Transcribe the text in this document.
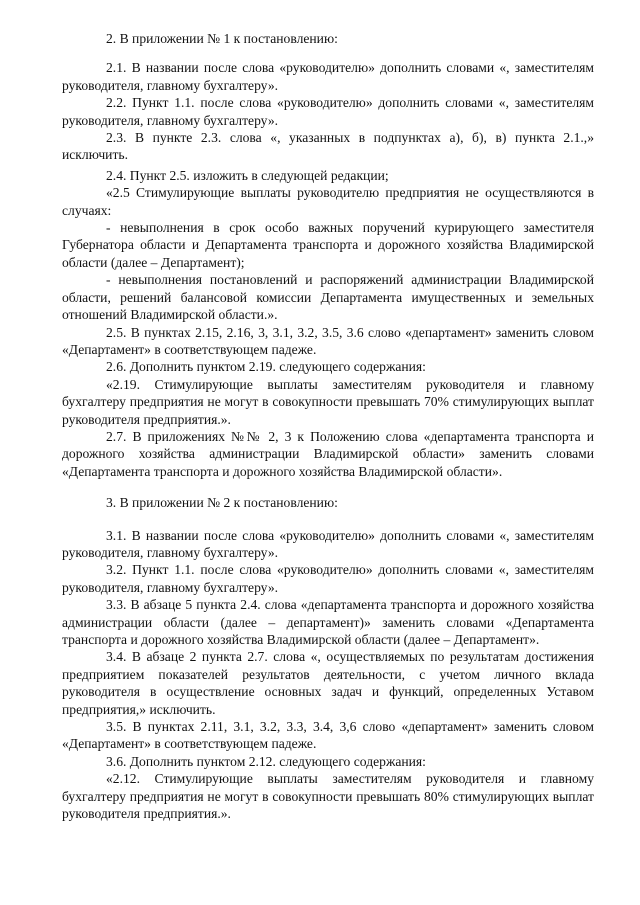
2. В приложении № 1 к постановлению:

2.1. В названии после слова «руководителю» дополнить словами «, заместителям руководителя, главному бухгалтеру».

2.2. Пункт 1.1. после слова «руководителю» дополнить словами «, заместителям руководителя, главному бухгалтеру».

2.3. В пункте 2.3. слова «, указанных в подпунктах а), б), в) пункта 2.1.,» исключить.

2.4. Пункт 2.5. изложить в следующей редакции;

«2.5 Стимулирующие выплаты руководителю предприятия не осуществляются в случаях:

- невыполнения в срок особо важных поручений курирующего заместителя Губернатора области и Департамента транспорта и дорожного хозяйства Владимирской области (далее – Департамент);

- невыполнения постановлений и распоряжений администрации Владимирской области, решений балансовой комиссии Департамента имущественных и земельных отношений Владимирской области.».

2.5. В пунктах 2.15, 2.16, 3, 3.1, 3.2, 3.5, 3.6 слово «департамент» заменить словом «Департамент» в соответствующем падеже.

2.6. Дополнить пунктом 2.19. следующего содержания:

«2.19. Стимулирующие выплаты заместителям руководителя и главному бухгалтеру предприятия не могут в совокупности превышать 70% стимулирующих выплат руководителя предприятия.».

2.7. В приложениях №№ 2, 3 к Положению слова «департамента транспорта и дорожного хозяйства администрации Владимирской области» заменить словами «Департамента транспорта и дорожного хозяйства Владимирской области».

3. В приложении № 2 к постановлению:

3.1. В названии после слова «руководителю» дополнить словами «, заместителям руководителя, главному бухгалтеру».

3.2. Пункт 1.1. после слова «руководителю» дополнить словами «, заместителям руководителя, главному бухгалтеру».

3.3. В абзаце 5 пункта 2.4. слова «департамента транспорта и дорожного хозяйства администрации области (далее – департамент)» заменить словами «Департамента транспорта и дорожного хозяйства Владимирской области (далее – Департамент».

3.4. В абзаце 2 пункта 2.7. слова «, осуществляемых по результатам достижения предприятием показателей результатов деятельности, с учетом личного вклада руководителя в осуществление основных задач и функций, определенных Уставом предприятия,» исключить.

3.5. В пунктах 2.11, 3.1, 3.2, 3.3, 3.4, 3,6 слово «департамент» заменить словом «Департамент» в соответствующем падеже.

3.6. Дополнить пунктом 2.12. следующего содержания:

«2.12. Стимулирующие выплаты заместителям руководителя и главному бухгалтеру предприятия не могут в совокупности превышать 80% стимулирующих выплат руководителя предприятия.».
